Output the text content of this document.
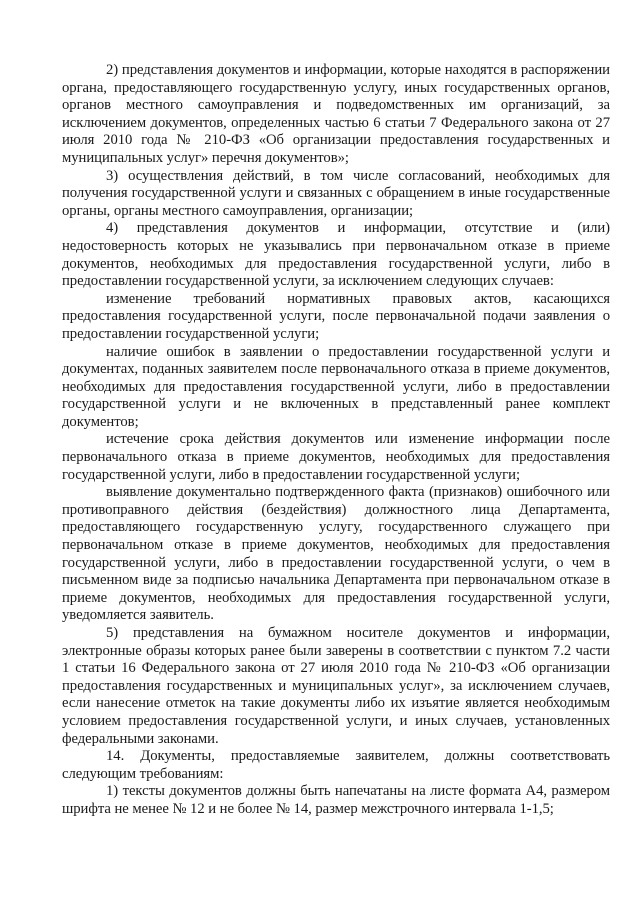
2) представления документов и информации, которые находятся в распоряжении органа, предоставляющего государственную услугу, иных государственных органов, органов местного самоуправления и подведомственных им организаций, за исключением документов, определенных частью 6 статьи 7 Федерального закона от 27 июля 2010 года № 210-ФЗ «Об организации предоставления государственных и муниципальных услуг» перечня документов»;

3) осуществления действий, в том числе согласований, необходимых для получения государственной услуги и связанных с обращением в иные государственные органы, органы местного самоуправления, организации;

4) представления документов и информации, отсутствие и (или) недостоверность которых не указывались при первоначальном отказе в приеме документов, необходимых для предоставления государственной услуги, либо в предоставлении государственной услуги, за исключением следующих случаев:

изменение требований нормативных правовых актов, касающихся предоставления государственной услуги, после первоначальной подачи заявления о предоставлении государственной услуги;

наличие ошибок в заявлении о предоставлении государственной услуги и документах, поданных заявителем после первоначального отказа в приеме документов, необходимых для предоставления государственной услуги, либо в предоставлении государственной услуги и не включенных в представленный ранее комплект документов;

истечение срока действия документов или изменение информации после первоначального отказа в приеме документов, необходимых для предоставления государственной услуги, либо в предоставлении государственной услуги;

выявление документально подтвержденного факта (признаков) ошибочного или противоправного действия (бездействия) должностного лица Департамента, предоставляющего государственную услугу, государственного служащего при первоначальном отказе в приеме документов, необходимых для предоставления государственной услуги, либо в предоставлении государственной услуги, о чем в письменном виде за подписью начальника Департамента при первоначальном отказе в приеме документов, необходимых для предоставления государственной услуги, уведомляется заявитель.

5) представления на бумажном носителе документов и информации, электронные образы которых ранее были заверены в соответствии с пунктом 7.2 части 1 статьи 16 Федерального закона от 27 июля 2010 года № 210-ФЗ «Об организации предоставления государственных и муниципальных услуг», за исключением случаев, если нанесение отметок на такие документы либо их изъятие является необходимым условием предоставления государственной услуги, и иных случаев, установленных федеральными законами.

14. Документы, предоставляемые заявителем, должны соответствовать следующим требованиям:

1) тексты документов должны быть напечатаны на листе формата А4, размером шрифта не менее № 12 и не более № 14, размер межстрочного интервала 1-1,5;
